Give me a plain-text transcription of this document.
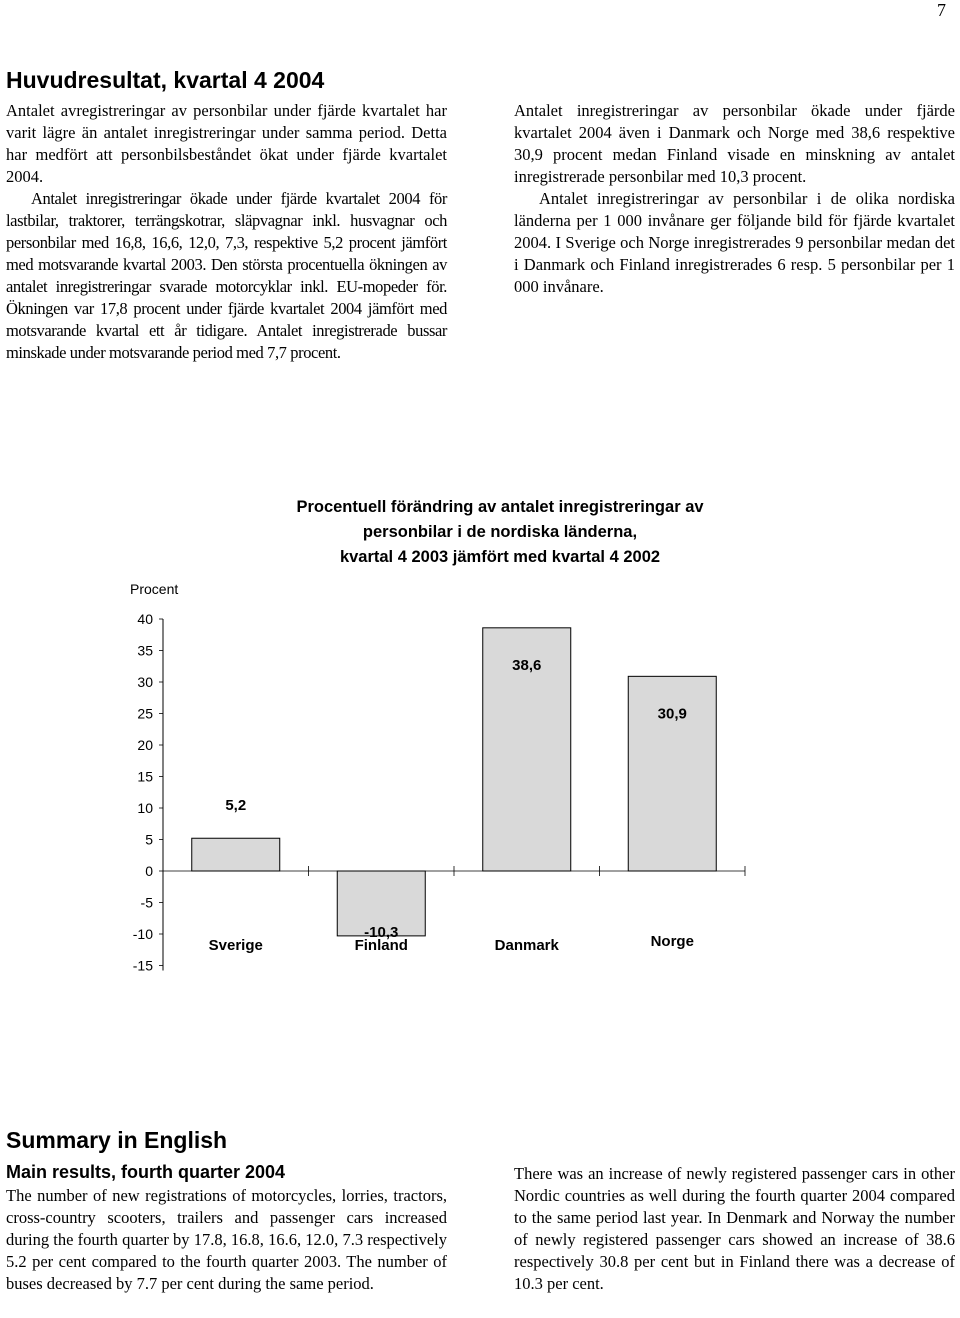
7
Huvudresultat, kvartal 4 2004

Antalet avregistreringar av personbilar under fjärde kvartalet har varit lägre än antalet inregistreringar under samma period. Detta har medfört att personbilsbeståndet ökat under fjärde kvartalet 2004.

Antalet inregistreringar ökade under fjärde kvartalet 2004 för lastbilar, traktorer, terrängskotrar, släpvagnar inkl. husvagnar och personbilar med 16,8, 16,6, 12,0, 7,3, respektive 5,2 procent jämfört med motsvarande kvartal 2003. Den största procentuella ökningen av antalet inregistreringar svarade motorcyklar inkl. EU-mopeder för. Ökningen var 17,8 procent under fjärde kvartalet 2004 jämfört med motsvarande kvartal ett år tidigare. Antalet inregistrerade bussar minskade under motsvarande period med 7,7 procent.

Antalet inregistreringar av personbilar ökade under fjärde kvartalet 2004 även i Danmark och Norge med 38,6 respektive 30,9 procent medan Finland visade en minskning av antalet inregistrerade personbilar med 10,3 procent.

Antalet inregistreringar av personbilar i de olika nordiska länderna per 1 000 invånare ger följande bild för fjärde kvartalet 2004. I Sverige och Norge inregistrerades 9 personbilar medan det i Danmark och Finland inregistrerades 6 resp. 5 personbilar per 1 000 invånare.

Procentuell förändring av antalet inregistreringar av
personbilar i de nordiska länderna,
kvartal 4 2003 jämfört med kvartal 4 2002
Procent
40
35
30
25
20
15
10
5
0
-5
-10
-15
5,2
-10,3
38,6
30,9
Sverige	Finland	Danmark	Norge
Summary in English
Main results, fourth quarter 2004

The number of new registrations of motorcycles, lorries, tractors, cross-country scooters, trailers and passenger cars increased during the fourth quarter by 17.8, 16.8, 16.6, 12.0, 7.3 respectively 5.2 per cent compared to the fourth quarter 2003. The number of buses decreased by 7.7 per cent during the same period.

There was an increase of newly registered passenger cars in other Nordic countries as well during the fourth quarter 2004 compared to the same period last year. In Denmark and Norway the number of newly registered passenger cars showed an increase of 38.6 respectively 30.8 per cent but in Finland there was a decrease of 10.3 per cent.
